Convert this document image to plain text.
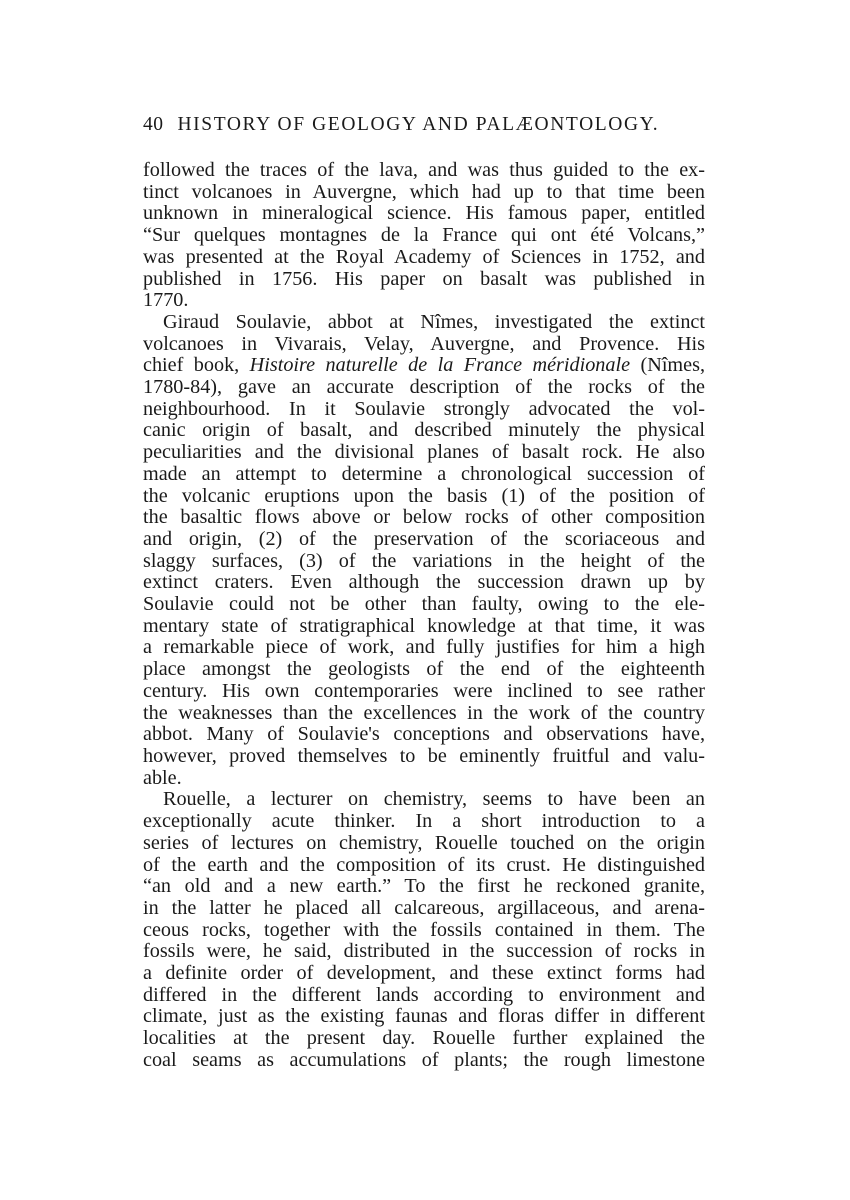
40 HISTORY OF GEOLOGY AND PALÆONTOLOGY.
followed the traces of the lava, and was thus guided to the ex-
tinct volcanoes in Auvergne, which had up to that time been
unknown in mineralogical science. His famous paper, entitled
“Sur quelques montagnes de la France qui ont été Volcans,”
was presented at the Royal Academy of Sciences in 1752, and
published in 1756. His paper on basalt was published in
1770.
Giraud Soulavie, abbot at Nîmes, investigated the extinct
volcanoes in Vivarais, Velay, Auvergne, and Provence. His
chief book, Histoire naturelle de la France méridionale (Nîmes,
1780-84), gave an accurate description of the rocks of the
neighbourhood. In it Soulavie strongly advocated the vol-
canic origin of basalt, and described minutely the physical
peculiarities and the divisional planes of basalt rock. He also
made an attempt to determine a chronological succession of
the volcanic eruptions upon the basis (1) of the position of
the basaltic flows above or below rocks of other composition
and origin, (2) of the preservation of the scoriaceous and
slaggy surfaces, (3) of the variations in the height of the
extinct craters. Even although the succession drawn up by
Soulavie could not be other than faulty, owing to the ele-
mentary state of stratigraphical knowledge at that time, it was
a remarkable piece of work, and fully justifies for him a high
place amongst the geologists of the end of the eighteenth
century. His own contemporaries were inclined to see rather
the weaknesses than the excellences in the work of the country
abbot. Many of Soulavie's conceptions and observations have,
however, proved themselves to be eminently fruitful and valu-
able.
Rouelle, a lecturer on chemistry, seems to have been an
exceptionally acute thinker. In a short introduction to a
series of lectures on chemistry, Rouelle touched on the origin
of the earth and the composition of its crust. He distinguished
“an old and a new earth.” To the first he reckoned granite,
in the latter he placed all calcareous, argillaceous, and arena-
ceous rocks, together with the fossils contained in them. The
fossils were, he said, distributed in the succession of rocks in
a definite order of development, and these extinct forms had
differed in the different lands according to environment and
climate, just as the existing faunas and floras differ in different
localities at the present day. Rouelle further explained the
coal seams as accumulations of plants; the rough limestone
